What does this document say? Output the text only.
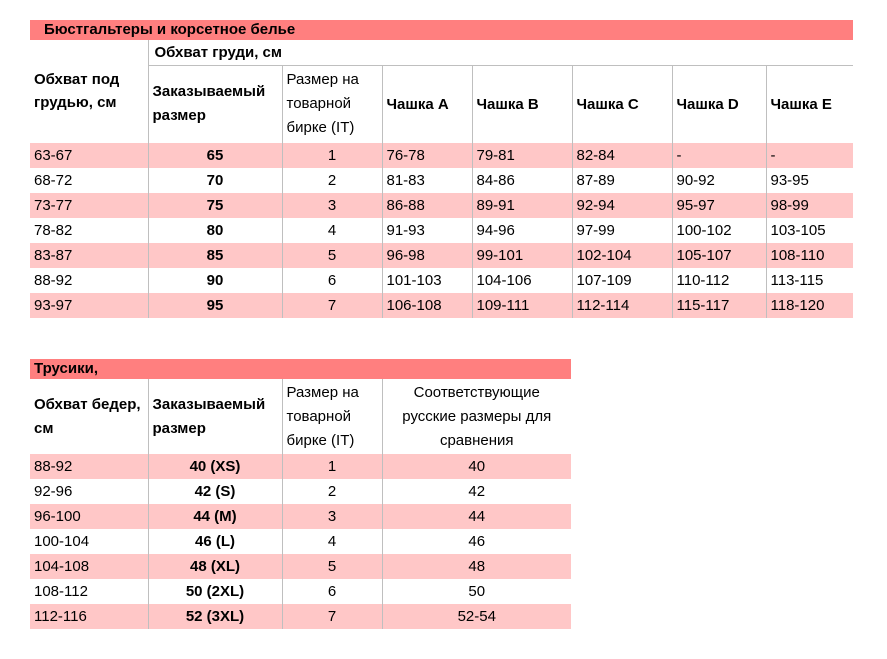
Бюстгальтеры и корсетное белье
Обхват под грудью, см	Обхват груди, см						
	Заказываемый размер	Размер на товарной бирке (IT)	Чашка A	Чашка B	Чашка C	Чашка D	Чашка E
63-67	65	1	76-78	79-81	82-84	-	-
68-72	70	2	81-83	84-86	87-89	90-92	93-95
73-77	75	3	86-88	89-91	92-94	95-97	98-99
78-82	80	4	91-93	94-96	97-99	100-102	103-105
83-87	85	5	96-98	99-101	102-104	105-107	108-110
88-92	90	6	101-103	104-106	107-109	110-112	113-115
93-97	95	7	106-108	109-111	112-114	115-117	118-120
Трусики,
Обхват бедер, см	Заказываемый размер	Размер на товарной бирке (IT)	Соответствующие русские размеры для сравнения
88-92	40 (XS)	1	40
92-96	42 (S)	2	42
96-100	44 (M)	3	44
100-104	46 (L)	4	46
104-108	48 (XL)	5	48
108-112	50 (2XL)	6	50
112-116	52 (3XL)	7	52-54
